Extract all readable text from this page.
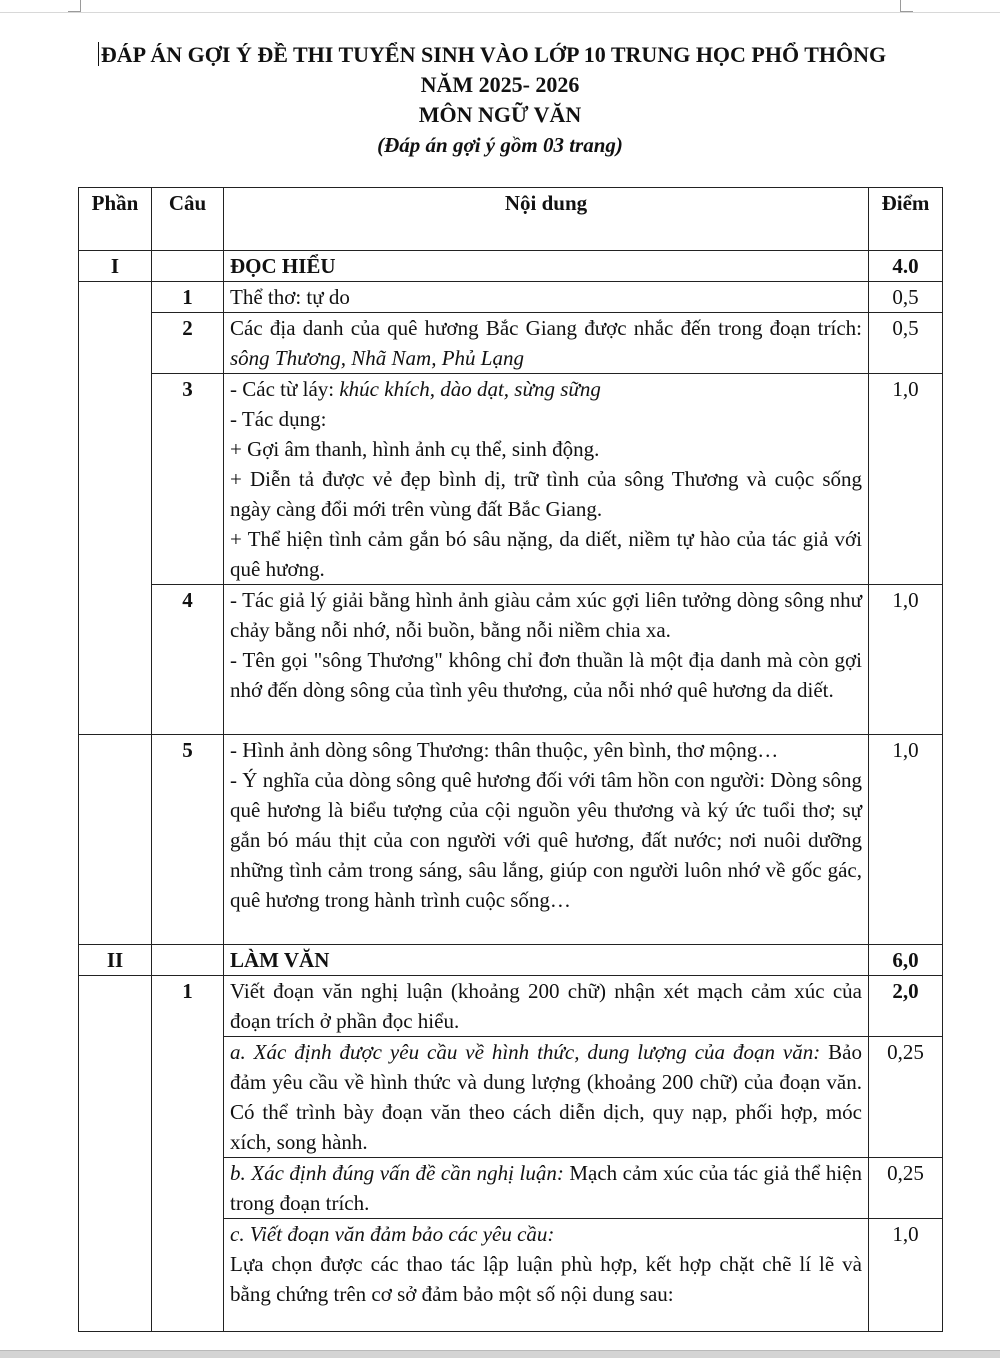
ĐÁP ÁN GỢI Ý ĐỀ THI TUYỂN SINH VÀO LỚP 10 TRUNG HỌC PHỔ THÔNG
NĂM 2025- 2026
MÔN NGỮ VĂN
(Đáp án gợi ý gồm 03 trang)
Phần	Câu	Nội dung	Điểm
I		ĐỌC HIỂU	4.0
	1	Thể thơ: tự do	0,5
	2	Các địa danh của quê hương Bắc Giang được nhắc đến trong đoạn trích: sông Thương, Nhã Nam, Phủ Lạng	0,5
	3	- Các từ láy: khúc khích, dào dạt, sừng sững

- Tác dụng:

+ Gợi âm thanh, hình ảnh cụ thể, sinh động.

+ Diễn tả được vẻ đẹp bình dị, trữ tình của sông Thương và cuộc sống ngày càng đổi mới trên vùng đất Bắc Giang.

+ Thể hiện tình cảm gắn bó sâu nặng, da diết, niềm tự hào của tác giả với quê hương.	1,0
	4	- Tác giả lý giải bằng hình ảnh giàu cảm xúc gợi liên tưởng dòng sông như chảy bằng nỗi nhớ, nỗi buồn, bằng nỗi niềm chia xa.

- Tên gọi "sông Thương" không chỉ đơn thuần là một địa danh mà còn gợi nhớ đến dòng sông của tình yêu thương, của nỗi nhớ quê hương da diết.	1,0
	5	- Hình ảnh dòng sông Thương: thân thuộc, yên bình, thơ mộng…

- Ý nghĩa của dòng sông quê hương đối với tâm hồn con người: Dòng sông quê hương là biểu tượng của cội nguồn yêu thương và ký ức tuổi thơ; sự gắn bó máu thịt của con người với quê hương, đất nước; nơi nuôi dưỡng những tình cảm trong sáng, sâu lắng, giúp con người luôn nhớ về gốc gác, quê hương trong hành trình cuộc sống…	1,0
II		LÀM VĂN	6,0
	1	Viết đoạn văn nghị luận (khoảng 200 chữ) nhận xét mạch cảm xúc của đoạn trích ở phần đọc hiểu.	2,0

		a. Xác định được yêu cầu về hình thức, dung lượng của đoạn văn: Bảo đảm yêu cầu về hình thức và dung lượng (khoảng 200 chữ) của đoạn văn. Có thể trình bày đoạn văn theo cách diễn dịch, quy nạp, phối hợp, móc xích, song hành.	0,25

		b. Xác định đúng vấn đề cần nghị luận: Mạch cảm xúc của tác giả thể hiện trong đoạn trích.	0,25

		c. Viết đoạn văn đảm bảo các yêu cầu:

Lựa chọn được các thao tác lập luận phù hợp, kết hợp chặt chẽ lí lẽ và bằng chứng trên cơ sở đảm bảo một số nội dung sau:	1,0
